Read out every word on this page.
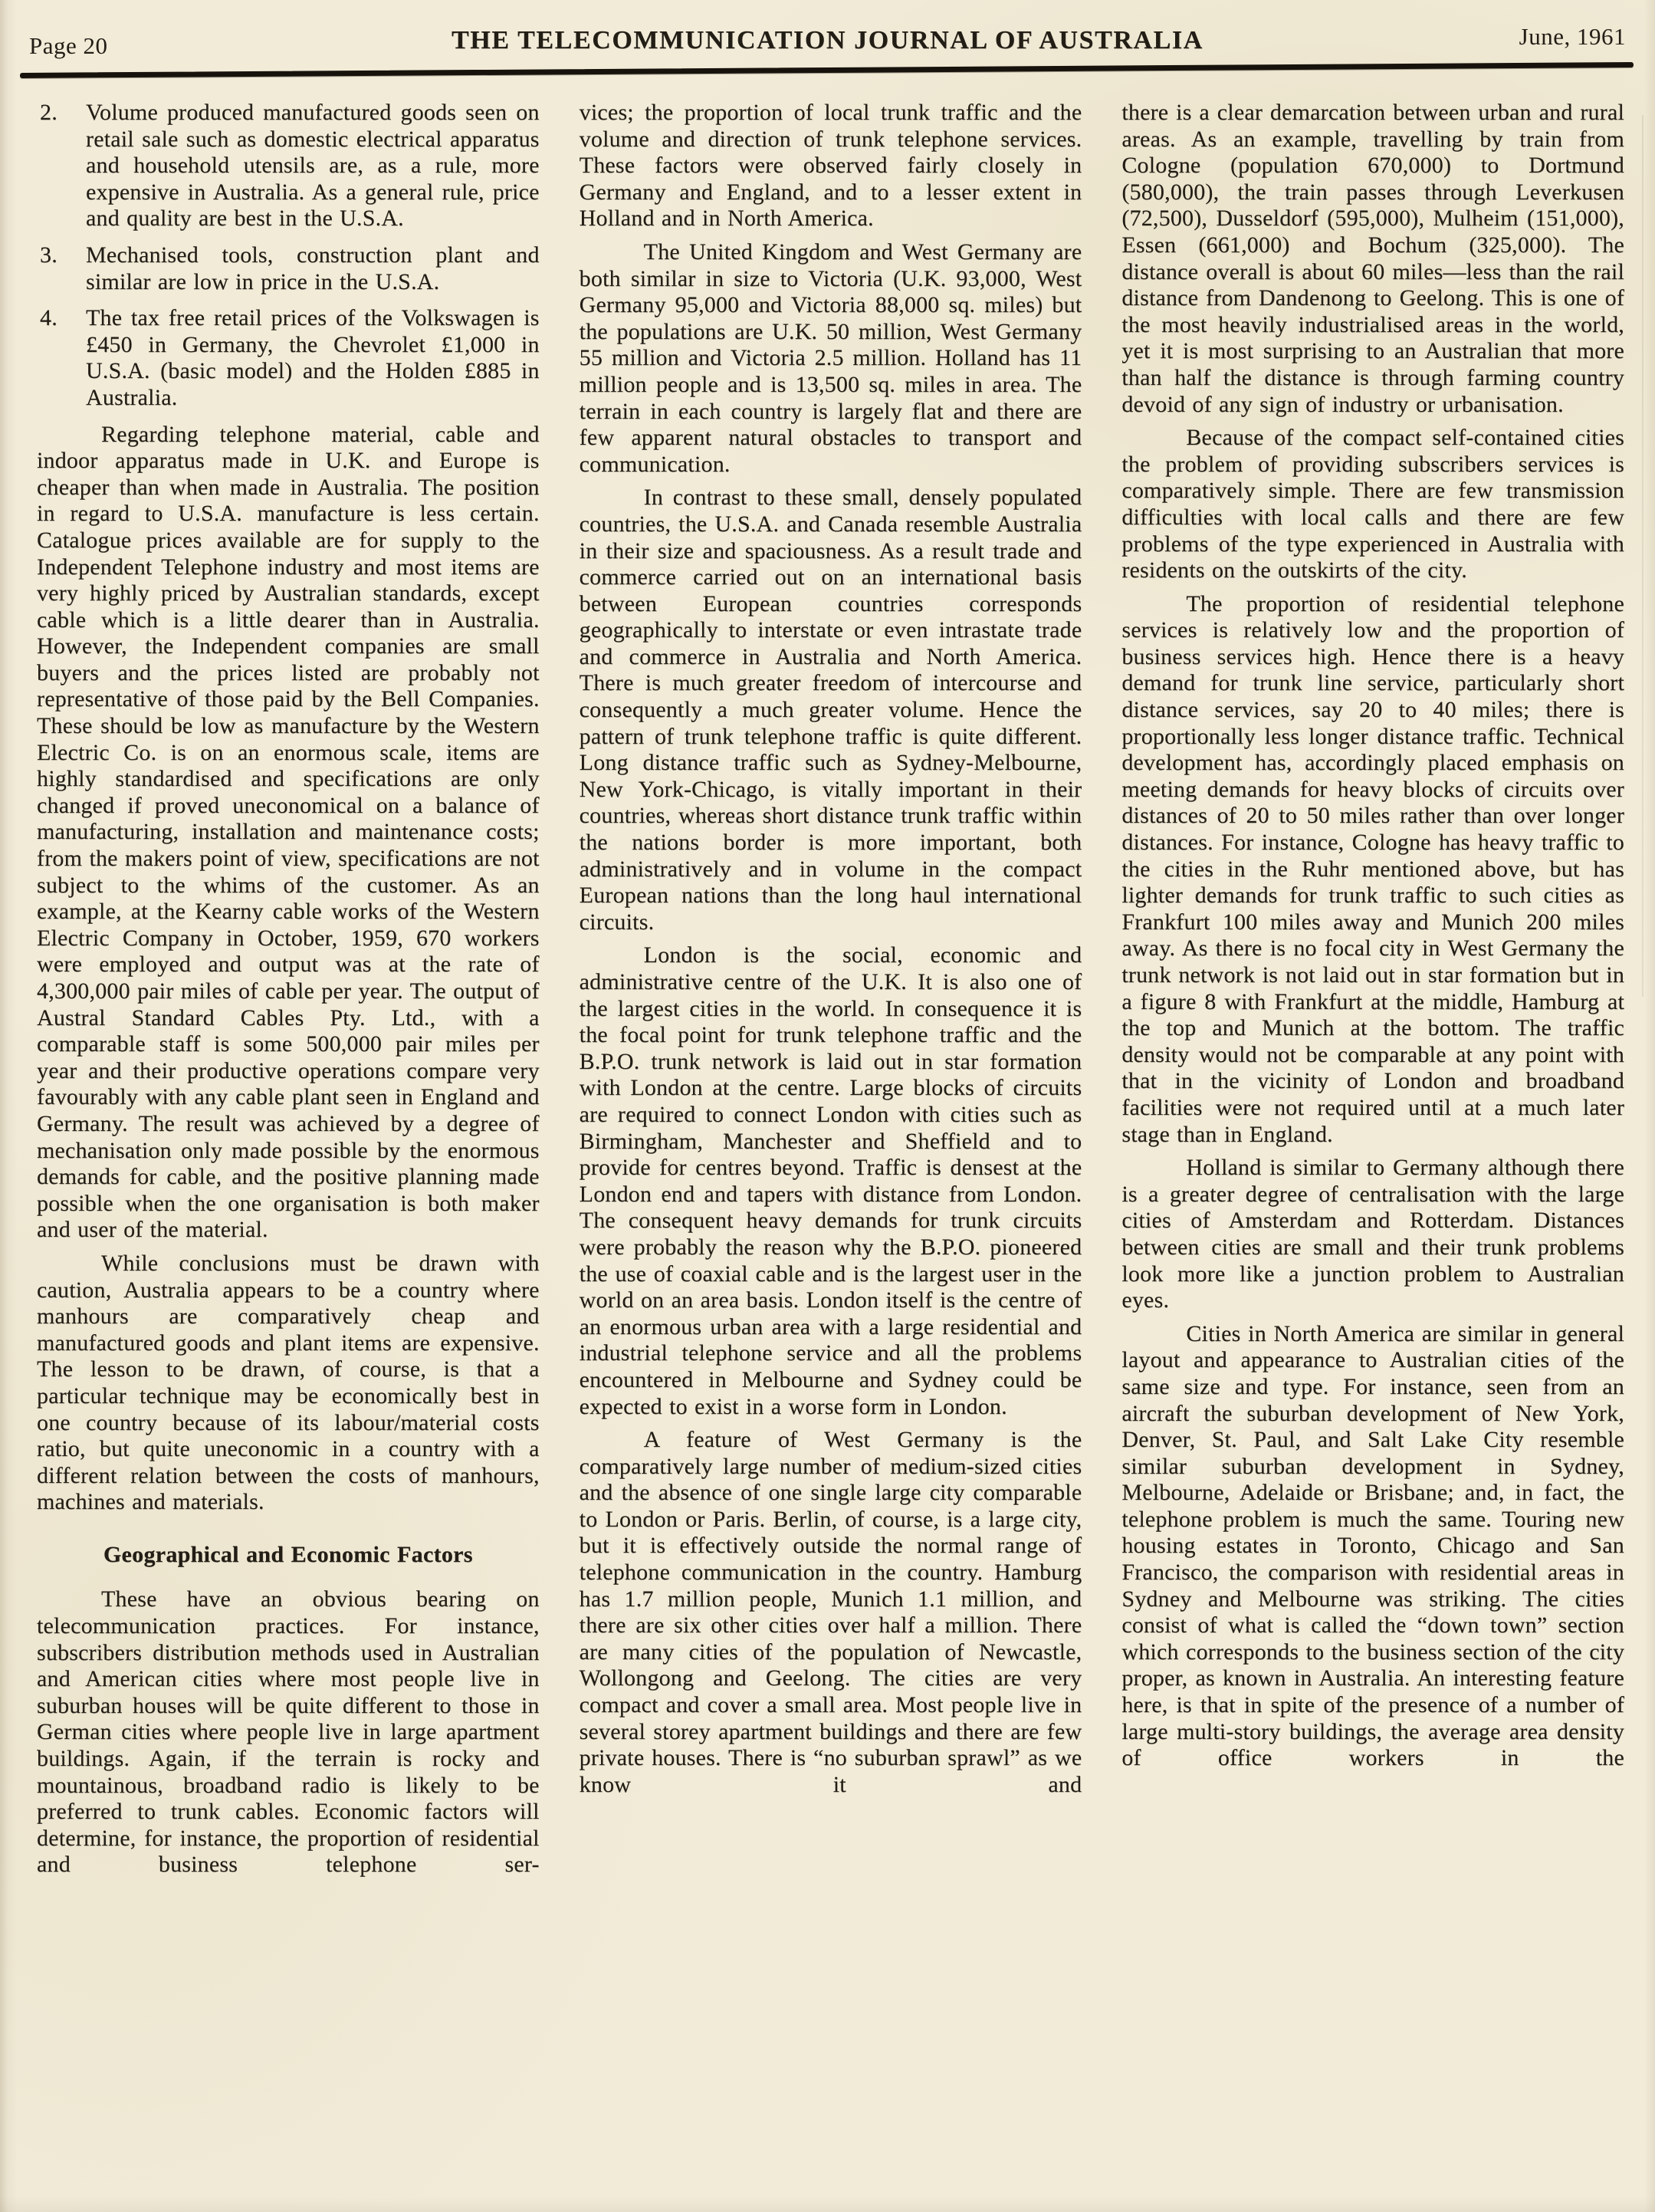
Page 20	THE TELECOMMUNICATION JOURNAL OF AUSTRALIA	June, 1961
2. Volume produced manufactured goods seen on retail sale such as domestic electrical apparatus and household utensils are, as a rule, more expensive in Australia. As a general rule, price and quality are best in the U.S.A.
3. Mechanised tools, construction plant and similar are low in price in the U.S.A.
4. The tax free retail prices of the Volkswagen is £450 in Germany, the Chevrolet £1,000 in U.S.A. (basic model) and the Holden £885 in Australia.

Regarding telephone material, cable and indoor apparatus made in U.K. and Europe is cheaper than when made in Australia. The position in regard to U.S.A. manufacture is less certain. Catalogue prices available are for supply to the Independent Telephone industry and most items are very highly priced by Australian standards, except cable which is a little dearer than in Australia. However, the Independent companies are small buyers and the prices listed are probably not representative of those paid by the Bell Companies. These should be low as manufacture by the Western Electric Co. is on an enormous scale, items are highly standardised and specifications are only changed if proved uneconomical on a balance of manufacturing, installation and maintenance costs; from the makers point of view, specifications are not subject to the whims of the customer. As an example, at the Kearny cable works of the Western Electric Company in October, 1959, 670 workers were employed and output was at the rate of 4,300,000 pair miles of cable per year. The output of Austral Standard Cables Pty. Ltd., with a comparable staff is some 500,000 pair miles per year and their productive operations compare very favourably with any cable plant seen in England and Germany. The result was achieved by a degree of mechanisation only made possible by the enormous demands for cable, and the positive planning made possible when the one organisation is both maker and user of the material.

While conclusions must be drawn with caution, Australia appears to be a country where manhours are comparatively cheap and manufactured goods and plant items are expensive. The lesson to be drawn, of course, is that a particular technique may be economically best in one country because of its labour/material costs ratio, but quite uneconomic in a country with a different relation between the costs of manhours, machines and materials.

Geographical and Economic Factors

These have an obvious bearing on telecommunication practices. For instance, subscribers distribution methods used in Australian and American cities where most people live in suburban houses will be quite different to those in German cities where people live in large apartment buildings. Again, if the terrain is rocky and mountainous, broadband radio is likely to be preferred to trunk cables. Economic factors will determine, for instance, the proportion of residential and business telephone ser-

vices; the proportion of local trunk traffic and the volume and direction of trunk telephone services. These factors were observed fairly closely in Germany and England, and to a lesser extent in Holland and in North America.

The United Kingdom and West Germany are both similar in size to Victoria (U.K. 93,000, West Germany 95,000 and Victoria 88,000 sq. miles) but the populations are U.K. 50 million, West Germany 55 million and Victoria 2.5 million. Holland has 11 million people and is 13,500 sq. miles in area. The terrain in each country is largely flat and there are few apparent natural obstacles to transport and communication.

In contrast to these small, densely populated countries, the U.S.A. and Canada resemble Australia in their size and spaciousness. As a result trade and commerce carried out on an international basis between European countries corresponds geographically to interstate or even intrastate trade and commerce in Australia and North America. There is much greater freedom of intercourse and consequently a much greater volume. Hence the pattern of trunk telephone traffic is quite different. Long distance traffic such as Sydney-Melbourne, New York-Chicago, is vitally important in their countries, whereas short distance trunk traffic within the nations border is more important, both administratively and in volume in the compact European nations than the long haul international circuits.

London is the social, economic and administrative centre of the U.K. It is also one of the largest cities in the world. In consequence it is the focal point for trunk telephone traffic and the B.P.O. trunk network is laid out in star formation with London at the centre. Large blocks of circuits are required to connect London with cities such as Birmingham, Manchester and Sheffield and to provide for centres beyond. Traffic is densest at the London end and tapers with distance from London. The consequent heavy demands for trunk circuits were probably the reason why the B.P.O. pioneered the use of coaxial cable and is the largest user in the world on an area basis. London itself is the centre of an enormous urban area with a large residential and industrial telephone service and all the problems encountered in Melbourne and Sydney could be expected to exist in a worse form in London.

A feature of West Germany is the comparatively large number of medium-sized cities and the absence of one single large city comparable to London or Paris. Berlin, of course, is a large city, but it is effectively outside the normal range of telephone communication in the country. Hamburg has 1.7 million people, Munich 1.1 million, and there are six other cities over half a million. There are many cities of the population of Newcastle, Wollongong and Geelong. The cities are very compact and cover a small area. Most people live in several storey apartment buildings and there are few private houses. There is “no suburban sprawl” as we know it and

there is a clear demarcation between urban and rural areas. As an example, travelling by train from Cologne (population 670,000) to Dortmund (580,000), the train passes through Leverkusen (72,500), Dusseldorf (595,000), Mulheim (151,000), Essen (661,000) and Bochum (325,000). The distance overall is about 60 miles—less than the rail distance from Dandenong to Geelong. This is one of the most heavily industrialised areas in the world, yet it is most surprising to an Australian that more than half the distance is through farming country devoid of any sign of industry or urbanisation.

Because of the compact self-contained cities the problem of providing subscribers services is comparatively simple. There are few transmission difficulties with local calls and there are few problems of the type experienced in Australia with residents on the outskirts of the city.

The proportion of residential telephone services is relatively low and the proportion of business services high. Hence there is a heavy demand for trunk line service, particularly short distance services, say 20 to 40 miles; there is proportionally less longer distance traffic. Technical development has, accordingly placed emphasis on meeting demands for heavy blocks of circuits over distances of 20 to 50 miles rather than over longer distances. For instance, Cologne has heavy traffic to the cities in the Ruhr mentioned above, but has lighter demands for trunk traffic to such cities as Frankfurt 100 miles away and Munich 200 miles away. As there is no focal city in West Germany the trunk network is not laid out in star formation but in a figure 8 with Frankfurt at the middle, Hamburg at the top and Munich at the bottom. The traffic density would not be comparable at any point with that in the vicinity of London and broadband facilities were not required until at a much later stage than in England.

Holland is similar to Germany although there is a greater degree of centralisation with the large cities of Amsterdam and Rotterdam. Distances between cities are small and their trunk problems look more like a junction problem to Australian eyes.

Cities in North America are similar in general layout and appearance to Australian cities of the same size and type. For instance, seen from an aircraft the suburban development of New York, Denver, St. Paul, and Salt Lake City resemble similar suburban development in Sydney, Melbourne, Adelaide or Brisbane; and, in fact, the telephone problem is much the same. Touring new housing estates in Toronto, Chicago and San Francisco, the comparison with residential areas in Sydney and Melbourne was striking. The cities consist of what is called the “down town” section which corresponds to the business section of the city proper, as known in Australia. An interesting feature here, is that in spite of the presence of a number of large multi-story buildings, the average area density of office workers in the
